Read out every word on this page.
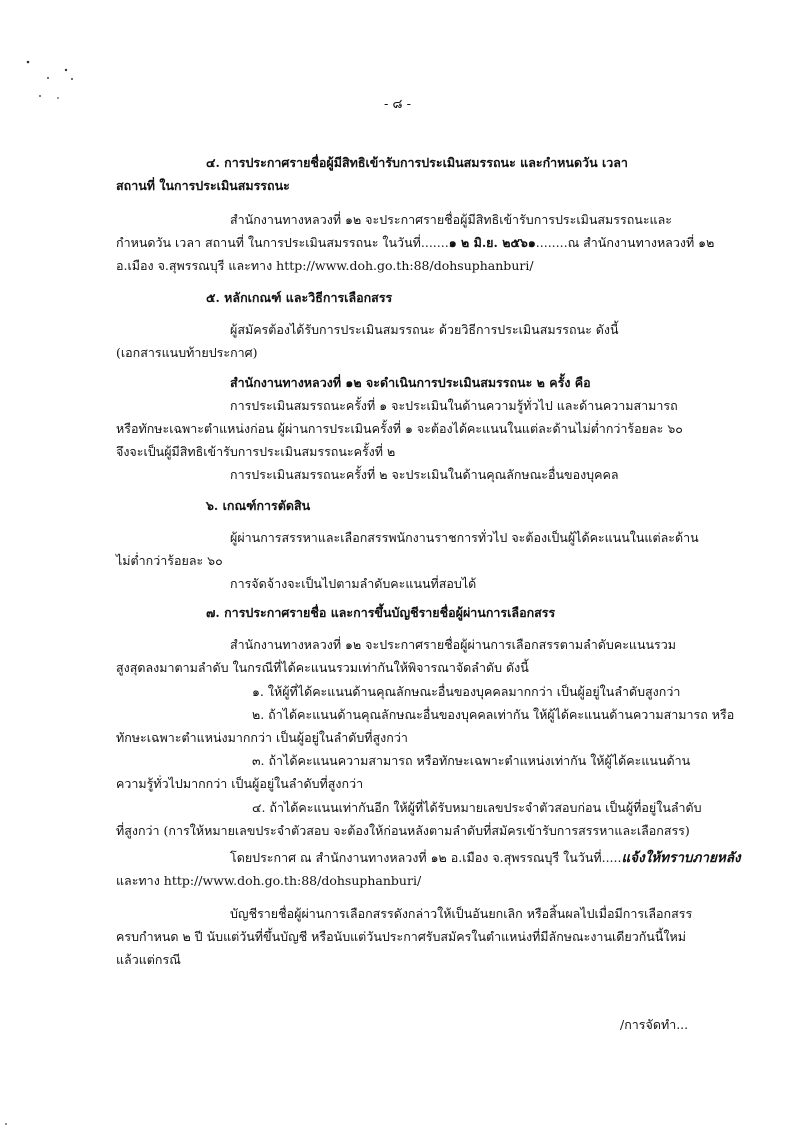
- ๘ -
๔. การประกาศรายชื่อผู้มีสิทธิเข้ารับการประเมินสมรรถนะ และกำหนดวัน เวลา
สถานที่ ในการประเมินสมรรถนะ
สำนักงานทางหลวงที่ ๑๒ จะประกาศรายชื่อผู้มีสิทธิเข้ารับการประเมินสมรรถนะและ
กำหนดวัน เวลา สถานที่ ในการประเมินสมรรถนะ ในวันที่.......๑ ๒ มิ.ย. ๒๕๖๑........ณ สำนักงานทางหลวงที่ ๑๒
อ.เมือง จ.สุพรรณบุรี และทาง http://www.doh.go.th:88/dohsuphanburi/
๕. หลักเกณฑ์ และวิธีการเลือกสรร
ผู้สมัครต้องได้รับการประเมินสมรรถนะ ด้วยวิธีการประเมินสมรรถนะ ดังนี้
(เอกสารแนบท้ายประกาศ)
สำนักงานทางหลวงที่ ๑๒ จะดำเนินการประเมินสมรรถนะ ๒ ครั้ง คือ
การประเมินสมรรถนะครั้งที่ ๑ จะประเมินในด้านความรู้ทั่วไป และด้านความสามารถ
หรือทักษะเฉพาะตำแหน่งก่อน ผู้ผ่านการประเมินครั้งที่ ๑ จะต้องได้คะแนนในแต่ละด้านไม่ต่ำกว่าร้อยละ ๖๐
จึงจะเป็นผู้มีสิทธิเข้ารับการประเมินสมรรถนะครั้งที่ ๒
การประเมินสมรรถนะครั้งที่ ๒ จะประเมินในด้านคุณลักษณะอื่นของบุคคล
๖. เกณฑ์การตัดสิน
ผู้ผ่านการสรรหาและเลือกสรรพนักงานราชการทั่วไป จะต้องเป็นผู้ได้คะแนนในแต่ละด้าน
ไม่ต่ำกว่าร้อยละ ๖๐
การจัดจ้างจะเป็นไปตามลำดับคะแนนที่สอบได้
๗. การประกาศรายชื่อ และการขึ้นบัญชีรายชื่อผู้ผ่านการเลือกสรร
สำนักงานทางหลวงที่ ๑๒ จะประกาศรายชื่อผู้ผ่านการเลือกสรรตามลำดับคะแนนรวม
สูงสุดลงมาตามลำดับ ในกรณีที่ได้คะแนนรวมเท่ากันให้พิจารณาจัดลำดับ ดังนี้
๑. ให้ผู้ที่ได้คะแนนด้านคุณลักษณะอื่นของบุคคลมากกว่า เป็นผู้อยู่ในลำดับสูงกว่า
๒. ถ้าได้คะแนนด้านคุณลักษณะอื่นของบุคคลเท่ากัน ให้ผู้ได้คะแนนด้านความสามารถ หรือ
ทักษะเฉพาะตำแหน่งมากกว่า เป็นผู้อยู่ในลำดับที่สูงกว่า
๓. ถ้าได้คะแนนความสามารถ หรือทักษะเฉพาะตำแหน่งเท่ากัน ให้ผู้ได้คะแนนด้าน
ความรู้ทั่วไปมากกว่า เป็นผู้อยู่ในลำดับที่สูงกว่า
๔. ถ้าได้คะแนนเท่ากันอีก ให้ผู้ที่ได้รับหมายเลขประจำตัวสอบก่อน เป็นผู้ที่อยู่ในลำดับ
ที่สูงกว่า (การให้หมายเลขประจำตัวสอบ จะต้องให้ก่อนหลังตามลำดับที่สมัครเข้ารับการสรรหาและเลือกสรร)
โดยประกาศ ณ สำนักงานทางหลวงที่ ๑๒ อ.เมือง จ.สุพรรณบุรี ในวันที่.....แจ้งให้ทราบภายหลัง
และทาง http://www.doh.go.th:88/dohsuphanburi/
บัญชีรายชื่อผู้ผ่านการเลือกสรรดังกล่าวให้เป็นอันยกเลิก หรือสิ้นผลไปเมื่อมีการเลือกสรร
ครบกำหนด ๒ ปี นับแต่วันที่ขึ้นบัญชี หรือนับแต่วันประกาศรับสมัครในตำแหน่งที่มีลักษณะงานเดียวกันนี้ใหม่
แล้วแต่กรณี
/การจัดทำ...
